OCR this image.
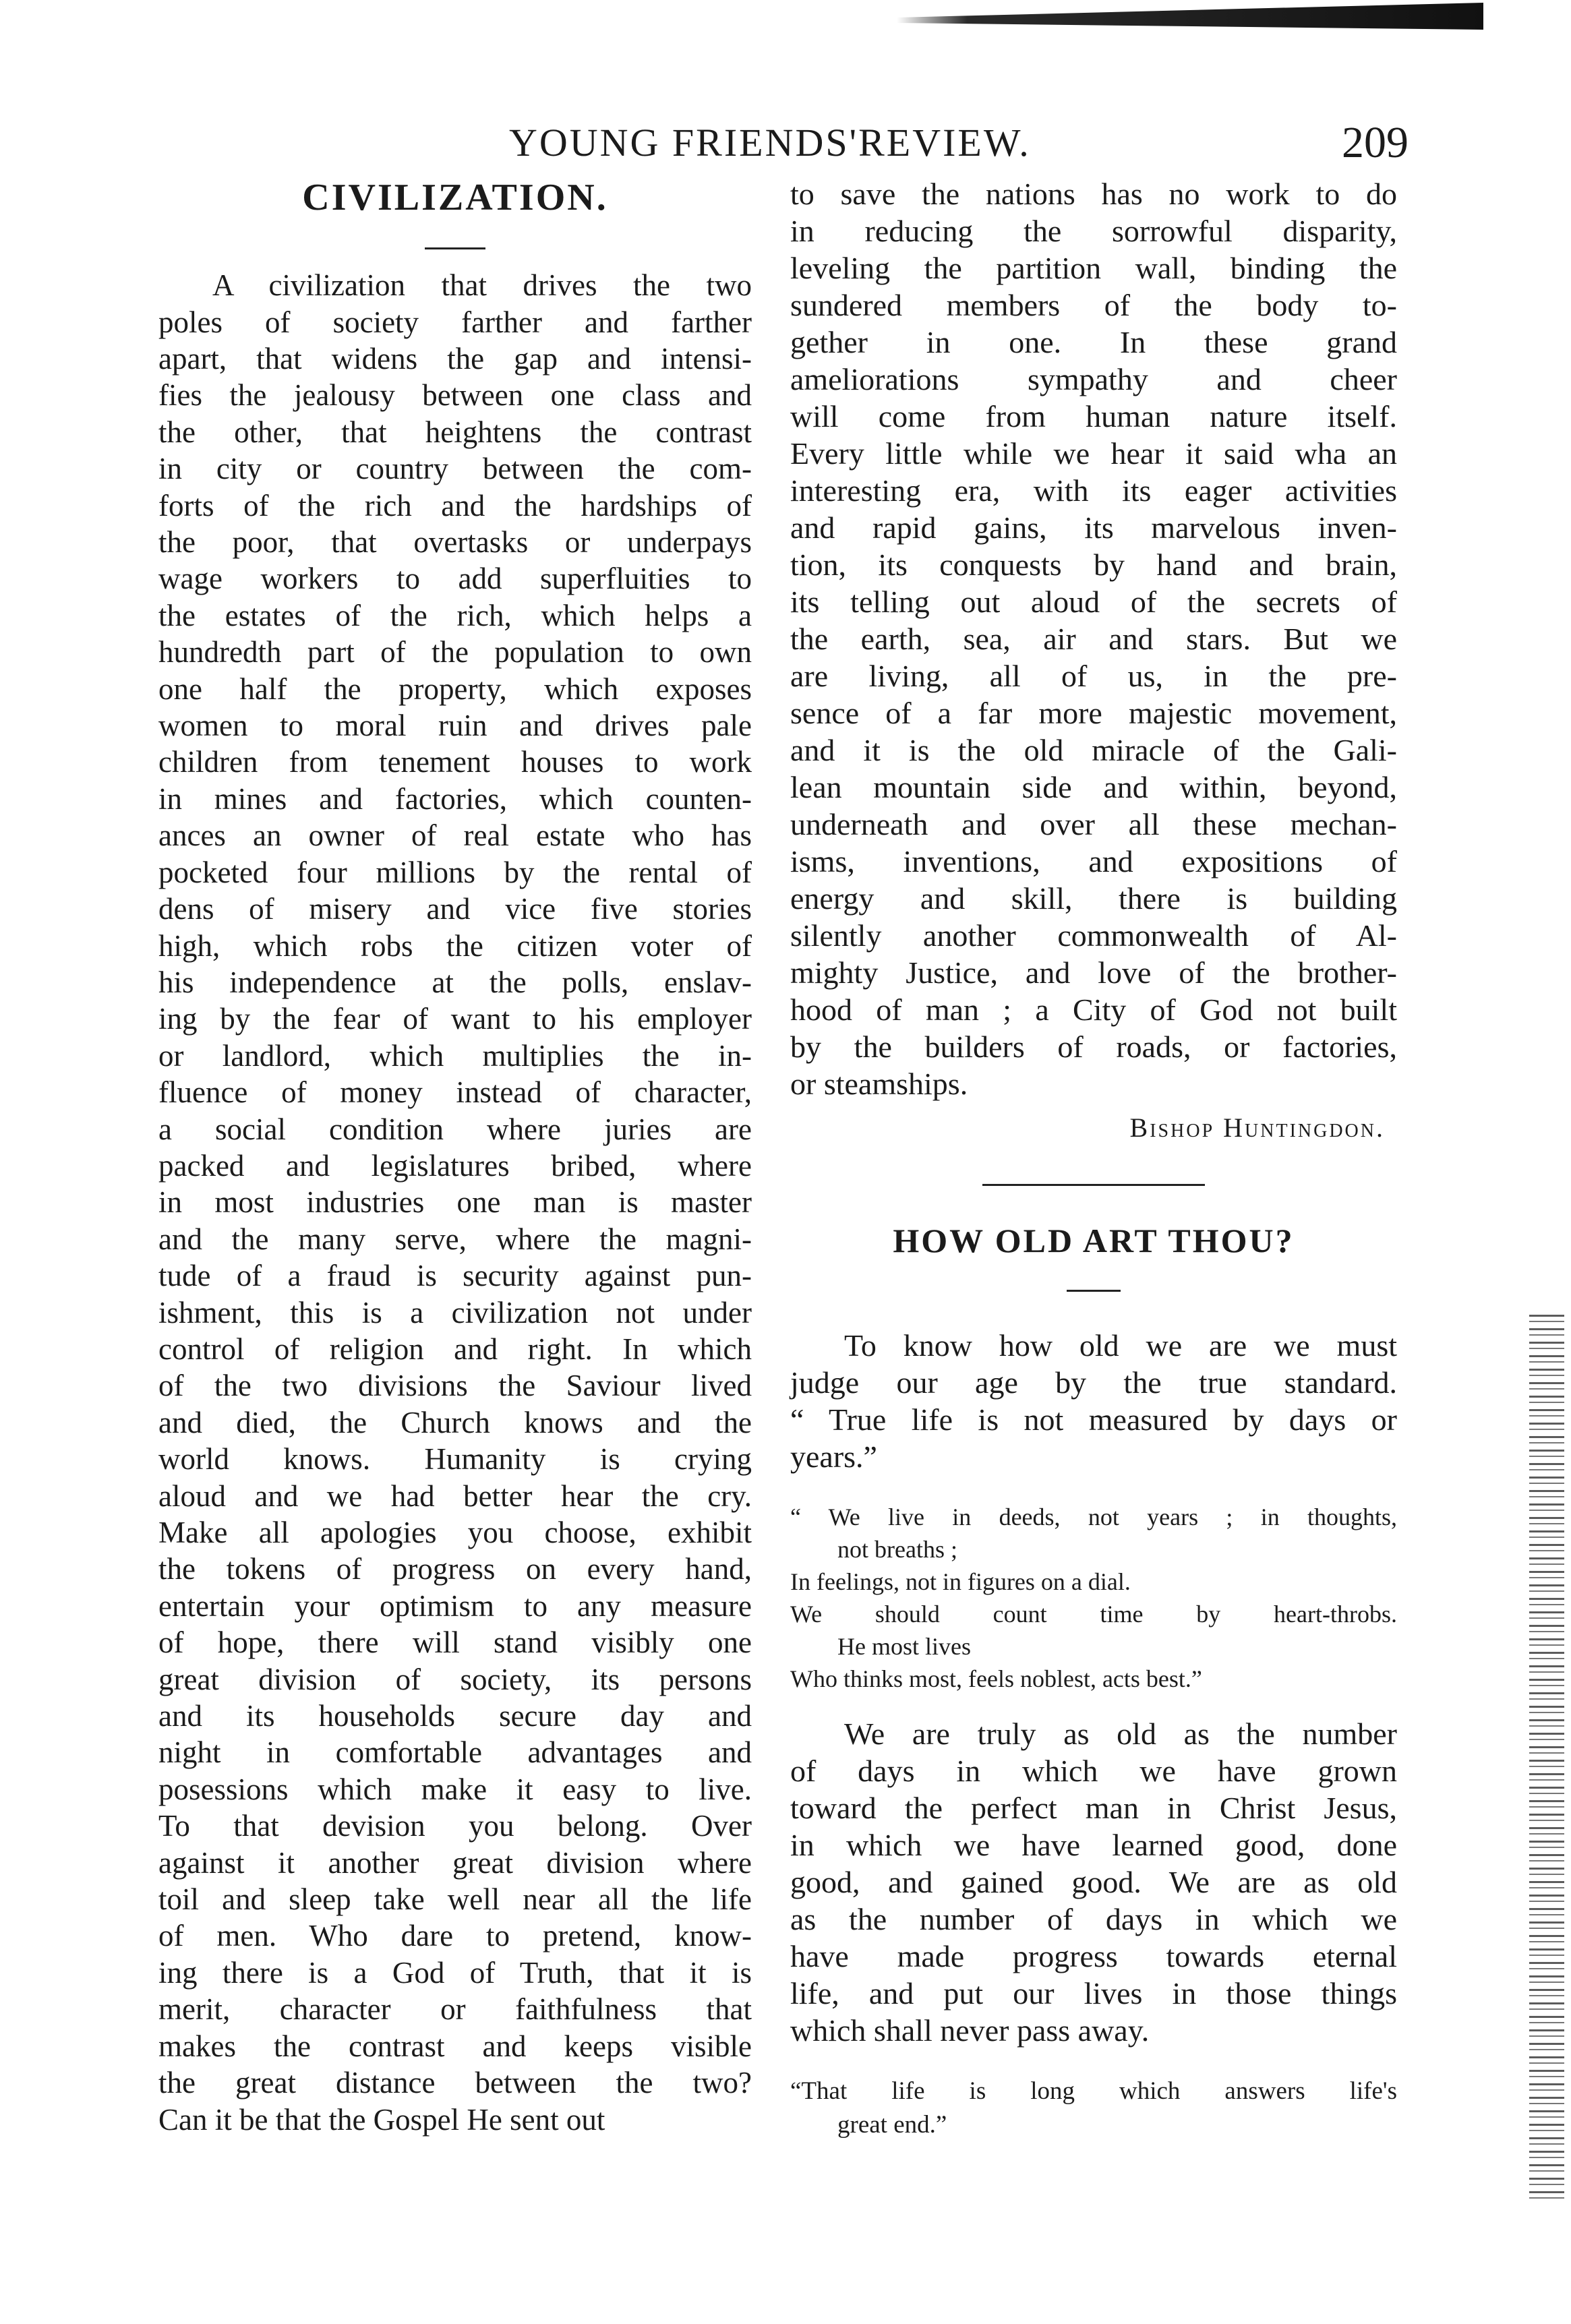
YOUNG FRIENDS'REVIEW.	209
CIVILIZATION.
A civilization that drives the two
poles of society farther and farther
apart, that widens the gap and intensi-
fies the jealousy between one class and
the other, that heightens the contrast
in city or country between the com-
forts of the rich and the hardships of
the poor, that overtasks or underpays
wage workers to add superfluities to
the estates of the rich, which helps a
hundredth part of the population to own
one half the property, which exposes
women to moral ruin and drives pale
children from tenement houses to work
in mines and factories, which counten-
ances an owner of real estate who has
pocketed four millions by the rental of
dens of misery and vice five stories
high, which robs the citizen voter of
his independence at the polls, enslav-
ing by the fear of want to his employer
or landlord, which multiplies the in-
fluence of money instead of character,
a social condition where juries are
packed and legislatures bribed, where
in most industries one man is master
and the many serve, where the magni-
tude of a fraud is security against pun-
ishment, this is a civilization not under
control of religion and right. In which
of the two divisions the Saviour lived
and died, the Church knows and the
world knows. Humanity is crying
aloud and we had better hear the cry.
Make all apologies you choose, exhibit
the tokens of progress on every hand,
entertain your optimism to any measure
of hope, there will stand visibly one
great division of society, its persons
and its households secure day and
night in comfortable advantages and
posessions which make it easy to live.
To that devision you belong. Over
against it another great division where
toil and sleep take well near all the life
of men. Who dare to pretend, know-
ing there is a God of Truth, that it is
merit, character or faithfulness that
makes the contrast and keeps visible
the great distance between the two?
Can it be that the Gospel He sent out
to save the nations has no work to do
in reducing the sorrowful disparity,
leveling the partition wall, binding the
sundered members of the body to-
gether in one. In these grand
ameliorations sympathy and cheer
will come from human nature itself.
Every little while we hear it said wha an
interesting era, with its eager activities
and rapid gains, its marvelous inven-
tion, its conquests by hand and brain,
its telling out aloud of the secrets of
the earth, sea, air and stars. But we
are living, all of us, in the pre-
sence of a far more majestic movement,
and it is the old miracle of the Gali-
lean mountain side and within, beyond,
underneath and over all these mechan-
isms, inventions, and expositions of
energy and skill, there is building
silently another commonwealth of Al-
mighty Justice, and love of the brother-
hood of man ; a City of God not built
by the builders of roads, or factories,
or steamships.
Bishop Huntingdon.
HOW OLD ART THOU?
To know how old we are we must
judge our age by the true standard.
“ True life is not measured by days or
years.”
“ We live in deeds, not years ; in thoughts,
not breaths ;
In feelings, not in figures on a dial.
We should count time by heart-throbs.
He most lives
Who thinks most, feels noblest, acts best.”
We are truly as old as the number
of days in which we have grown
toward the perfect man in Christ Jesus,
in which we have learned good, done
good, and gained good. We are as old
as the number of days in which we
have made progress towards eternal
life, and put our lives in those things
which shall never pass away.
“That life is long which answers life's
great end.”
